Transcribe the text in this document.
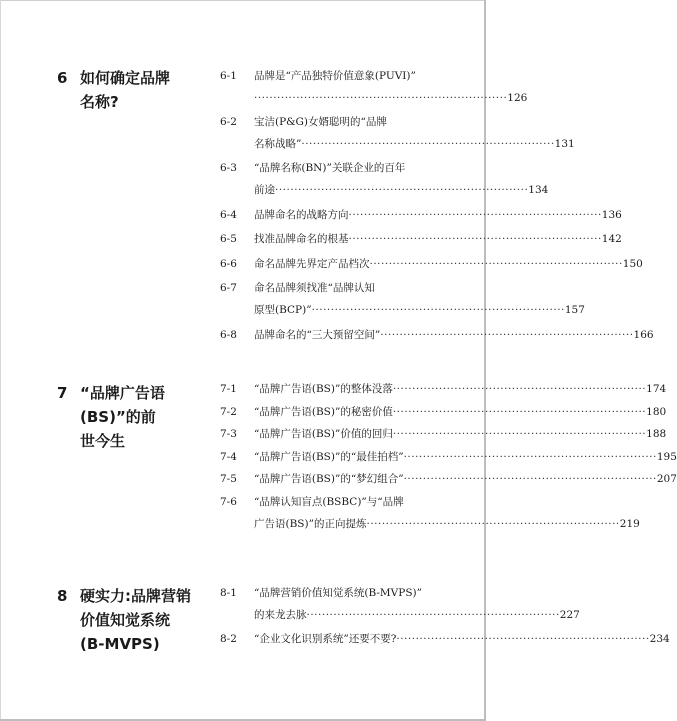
6 如何确定品牌名称?
6-1 品牌是“产品独特价值意象(PUVI)”
·································································· 126
6-2 宝洁(P&G)女婿聪明的“品牌
名称战略” ·································································· 131
6-3 “品牌名称(BN)”关联企业的百年
前途 ·································································· 134
6-4 品牌命名的战略方向 ·································································· 136
6-5 找准品牌命名的根基 ·································································· 142
6-6 命名品牌先界定产品档次 ·································································· 150
6-7 命名品牌须找准“品牌认知
原型(BCP)” ·································································· 157
6-8 品牌命名的“三大预留空间” ·································································· 166
7 “品牌广告语(BS)”的前世今生
7-1 “品牌广告语(BS)”的整体没落 ·································································· 174
7-2 “品牌广告语(BS)”的秘密价值 ·································································· 180
7-3 “品牌广告语(BS)”价值的回归 ·································································· 188
7-4 “品牌广告语(BS)”的“最佳拍档” ·································································· 195
7-5 “品牌广告语(BS)”的“梦幻组合” ·································································· 207
7-6 “品牌认知盲点(BSBC)”与“品牌
广告语(BS)”的正向提炼 ·································································· 219
8 硬实力:品牌营销价值知觉系统(B-MVPS)
8-1 “品牌营销价值知觉系统(B-MVPS)”
的来龙去脉 ·································································· 227
8-2 “企业文化识别系统”还要不要? ·································································· 234
